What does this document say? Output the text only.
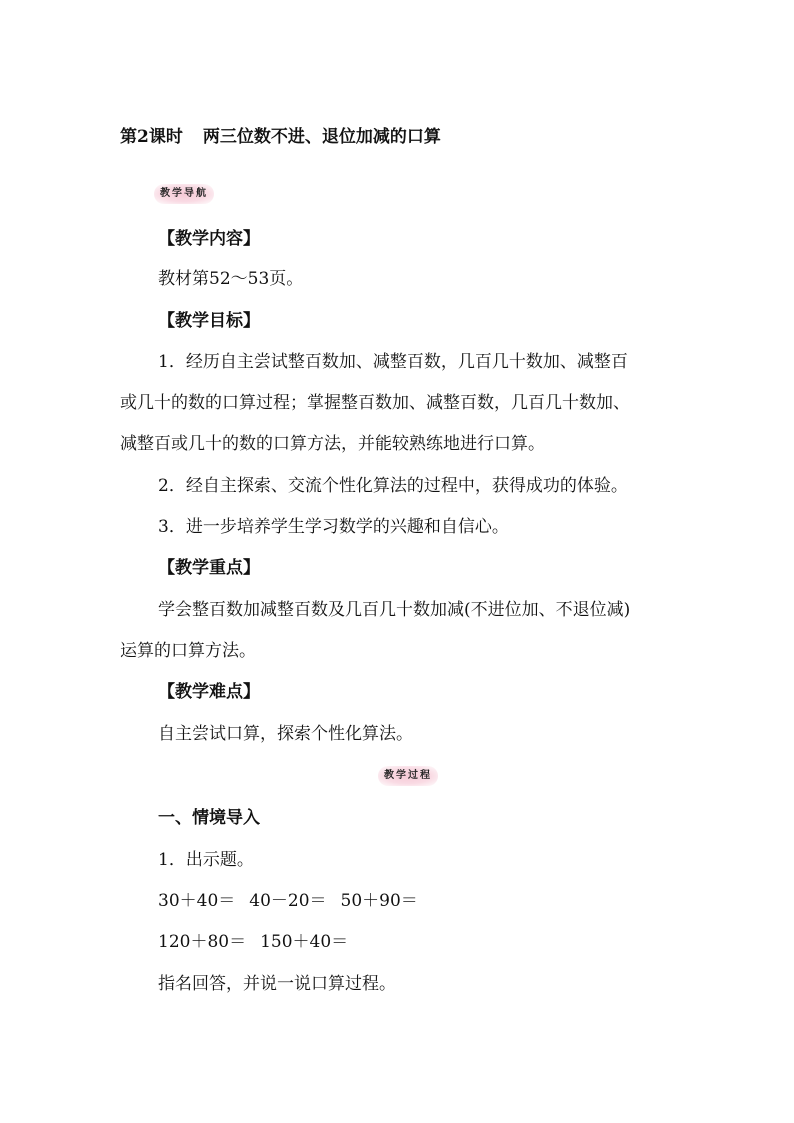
第2课时 两三位数不进、退位加减的口算
教学导航
【教学内容】
教材第52～53页。
【教学目标】
1．经历自主尝试整百数加、减整百数，几百几十数加、减整百
或几十的数的口算过程；掌握整百数加、减整百数，几百几十数加、
减整百或几十的数的口算方法，并能较熟练地进行口算。
2．经自主探索、交流个性化算法的过程中，获得成功的体验。
3．进一步培养学生学习数学的兴趣和自信心。
【教学重点】
学会整百数加减整百数及几百几十数加减(不进位加、不退位减)
运算的口算方法。
【教学难点】
自主尝试口算，探索个性化算法。
教学过程
一、情境导入
1．出示题。
30＋40＝ 40－20＝ 50＋90＝
120＋80＝ 150＋40＝
指名回答，并说一说口算过程。
